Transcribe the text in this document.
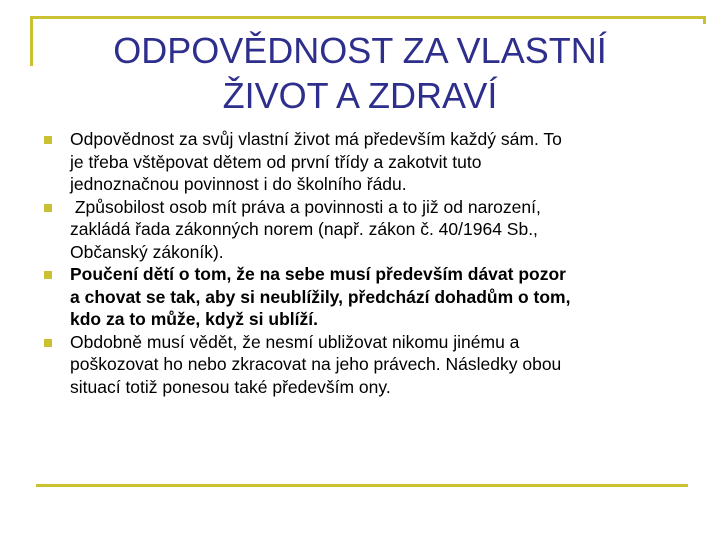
ODPOVĚDNOST ZA VLASTNÍ
ŽIVOT A ZDRAVÍ
Odpovědnost za svůj vlastní život má především každý sám. To
je třeba vštěpovat dětem od první třídy a zakotvit tuto
jednoznačnou povinnost i do školního řádu.
Způsobilost osob mít práva a povinnosti a to již od narození,
zakládá řada zákonných norem (např. zákon č. 40/1964 Sb.,
Občanský zákoník).
Poučení dětí o tom, že na sebe musí především dávat pozor
a chovat se tak, aby si neublížily, předchází dohadům o tom,
kdo za to může, když si ublíží.
Obdobně musí vědět, že nesmí ubližovat nikomu jinému a
poškozovat ho nebo zkracovat na jeho právech. Následky obou
situací totiž ponesou také především ony.
